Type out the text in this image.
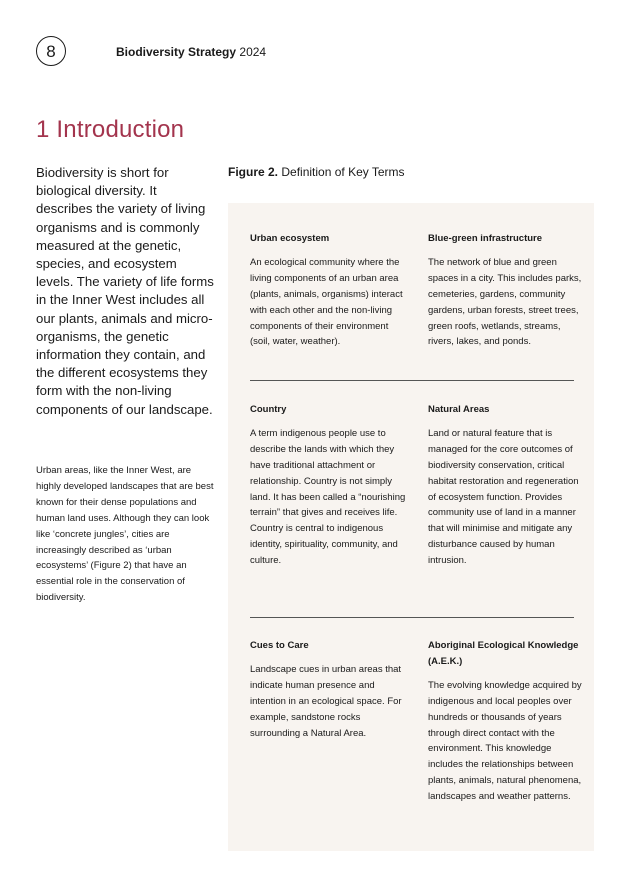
8	Biodiversity Strategy 2024
1 Introduction

Biodiversity is short for biological diversity. It describes the variety of living organisms and is commonly measured at the genetic, species, and ecosystem levels. The variety of life forms in the Inner West includes all our plants, animals and micro-organisms, the genetic information they contain, and the different ecosystems they form with the non-living components of our landscape.

Urban areas, like the Inner West, are highly developed landscapes that are best known for their dense populations and human land uses. Although they can look like ‘concrete jungles’, cities are increasingly described as ‘urban ecosystems’ (Figure 2) that have an essential role in the conservation of biodiversity.

Figure 2. Definition of Key Terms
Urban ecosystem

An ecological community where the living components of an urban area (plants, animals, organisms) interact with each other and the non-living components of their environment (soil, water, weather).

Blue-green infrastructure

The network of blue and green spaces in a city. This includes parks, cemeteries, gardens, community gardens, urban forests, street trees, green roofs, wetlands, streams, rivers, lakes, and ponds.

Country

A term indigenous people use to describe the lands with which they have traditional attachment or relationship. Country is not simply land. It has been called a “nourishing terrain” that gives and receives life. Country is central to indigenous identity, spirituality, community, and culture.

Natural Areas

Land or natural feature that is managed for the core outcomes of biodiversity conservation, critical habitat restoration and regeneration of ecosystem function. Provides community use of land in a manner that will minimise and mitigate any disturbance caused by human intrusion.

Cues to Care

Landscape cues in urban areas that indicate human presence and intention in an ecological space. For example, sandstone rocks surrounding a Natural Area.

Aboriginal Ecological Knowledge (A.E.K.)

The evolving knowledge acquired by indigenous and local peoples over hundreds or thousands of years through direct contact with the environment. This knowledge includes the relationships between plants, animals, natural phenomena, landscapes and weather patterns.
